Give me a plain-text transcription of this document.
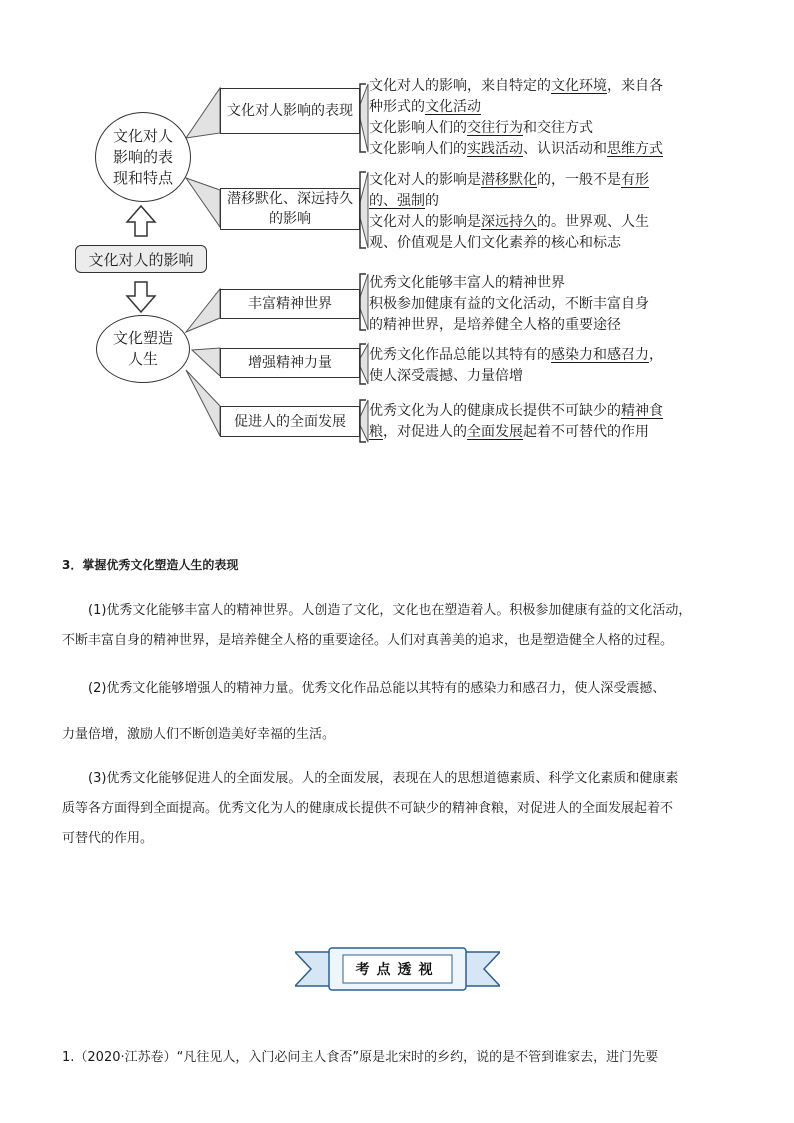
文化对人影响的表现和特点
文化对人的影响
文化塑造人生
文化对人影响的表现
潜移默化、深远持久的影响
丰富精神世界
增强精神力量
促进人的全面发展
文化对人的影响，来自特定的文化环境，来自各
种形式的文化活动
文化影响人们的交往行为和交往方式
文化影响人们的实践活动、认识活动和思维方式
文化对人的影响是潜移默化的，一般不是有形
的、强制的
文化对人的影响是深远持久的。世界观、人生
观、价值观是人们文化素养的核心和标志
优秀文化能够丰富人的精神世界
积极参加健康有益的文化活动，不断丰富自身
的精神世界，是培养健全人格的重要途径
优秀文化作品总能以其特有的感染力和感召力，
使人深受震撼、力量倍增
优秀文化为人的健康成长提供不可缺少的精神食
粮，对促进人的全面发展起着不可替代的作用
3．掌握优秀文化塑造人生的表现
(1)优秀文化能够丰富人的精神世界。人创造了文化，文化也在塑造着人。积极参加健康有益的文化活动，
不断丰富自身的精神世界，是培养健全人格的重要途径。人们对真善美的追求，也是塑造健全人格的过程。
(2)优秀文化能够增强人的精神力量。优秀文化作品总能以其特有的感染力和感召力，使人深受震撼、
力量倍增，激励人们不断创造美好幸福的生活。
(3)优秀文化能够促进人的全面发展。人的全面发展，表现在人的思想道德素质、科学文化素质和健康素
质等各方面得到全面提高。优秀文化为人的健康成长提供不可缺少的精神食粮，对促进人的全面发展起着不
可替代的作用。
考点透视
1.（2020·江苏卷）“凡往见人，入门必问主人食否”原是北宋时的乡约，说的是不管到谁家去，进门先要
